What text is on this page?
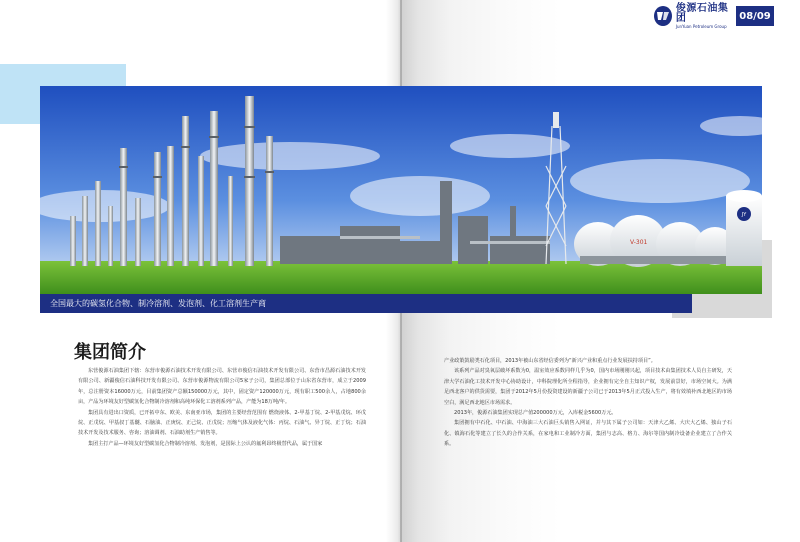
俊源石油集团
JunYuan Petroleum Group
08/09
V-301
JY
全国最大的碳氢化合物、制冷溶剂、发泡剂、化工溶剂生产商
集团简介

东营俊源石油集团下辖：东营市俊源石油技术开发有限公司、东营市俊信石油技术开发有限公司、东营市昌源石油技术开发有限公司、新疆俊信石油科技开发有限公司、东营市俊源物流有限公司5家子公司，集团总部位于山东省东营市，成立于2009年，总注册资本16000万元，目前集团资产总额150000万元，其中，固定资产120000万元，现有职工500余人，占地800余亩，产品为环境友好型碳氢化合物制冷溶剂和高纯环保化工溶剂系列产品，产能为18万吨/年。

集团具有进出口资质，已开拓中东、欧美、东南亚市场，集团的主要经营范围有 燃烧液体、2-甲基丁烷、2-甲基戊烷、环戊烷、正戊烷、甲基叔丁基醚、石脑油、正庚烷、正己烷、正戊烷；压缩气体及液化气体：丙烷、石油气、异丁烷、正丁烷；石油技术开发及技术服务、咨询；溶油调剂、石油助剂生产销售等。

集团主打产品—环境友好型碳氢化合物制冷溶剂、发泡剂，是国际上公认的氟利昂终极替代品，属于国家

产业政策鼓励类石化项目，2013年被山东省经信委列为“新兴产业和重点行业发展扶持项目”。

该系列产品对臭氧层破坏系数为0，温室效应系数同样几乎为0，国内市场刚刚兴起，项目技术由集团技术人员自主研发，天津大学石油化工技术开发中心协助设计，中科院理化所全程指导，企业拥有完全自主知识产权，发展前景好，市场空间大。为满足西北客户的供货需要，集团于2012年5月份投资建设的新疆子公司已于2013年5月正式投入生产，将有效填补西北地区的市场空白，满足西北地区市场需求。

2013年，俊源石油集团实现总产值200000万元，入库税金5600万元。

集团拥有中石化、中石油、中海油三大石油巨头销售入网证，并与其下属子公司如：天津大乙烯、大庆大乙烯、独山子石化、镇海石化等建立了长久的合作关系，在家电和工业制冷方面，集团与志高、格力、海尔等国内制冷设备企业建立了合作关系。
